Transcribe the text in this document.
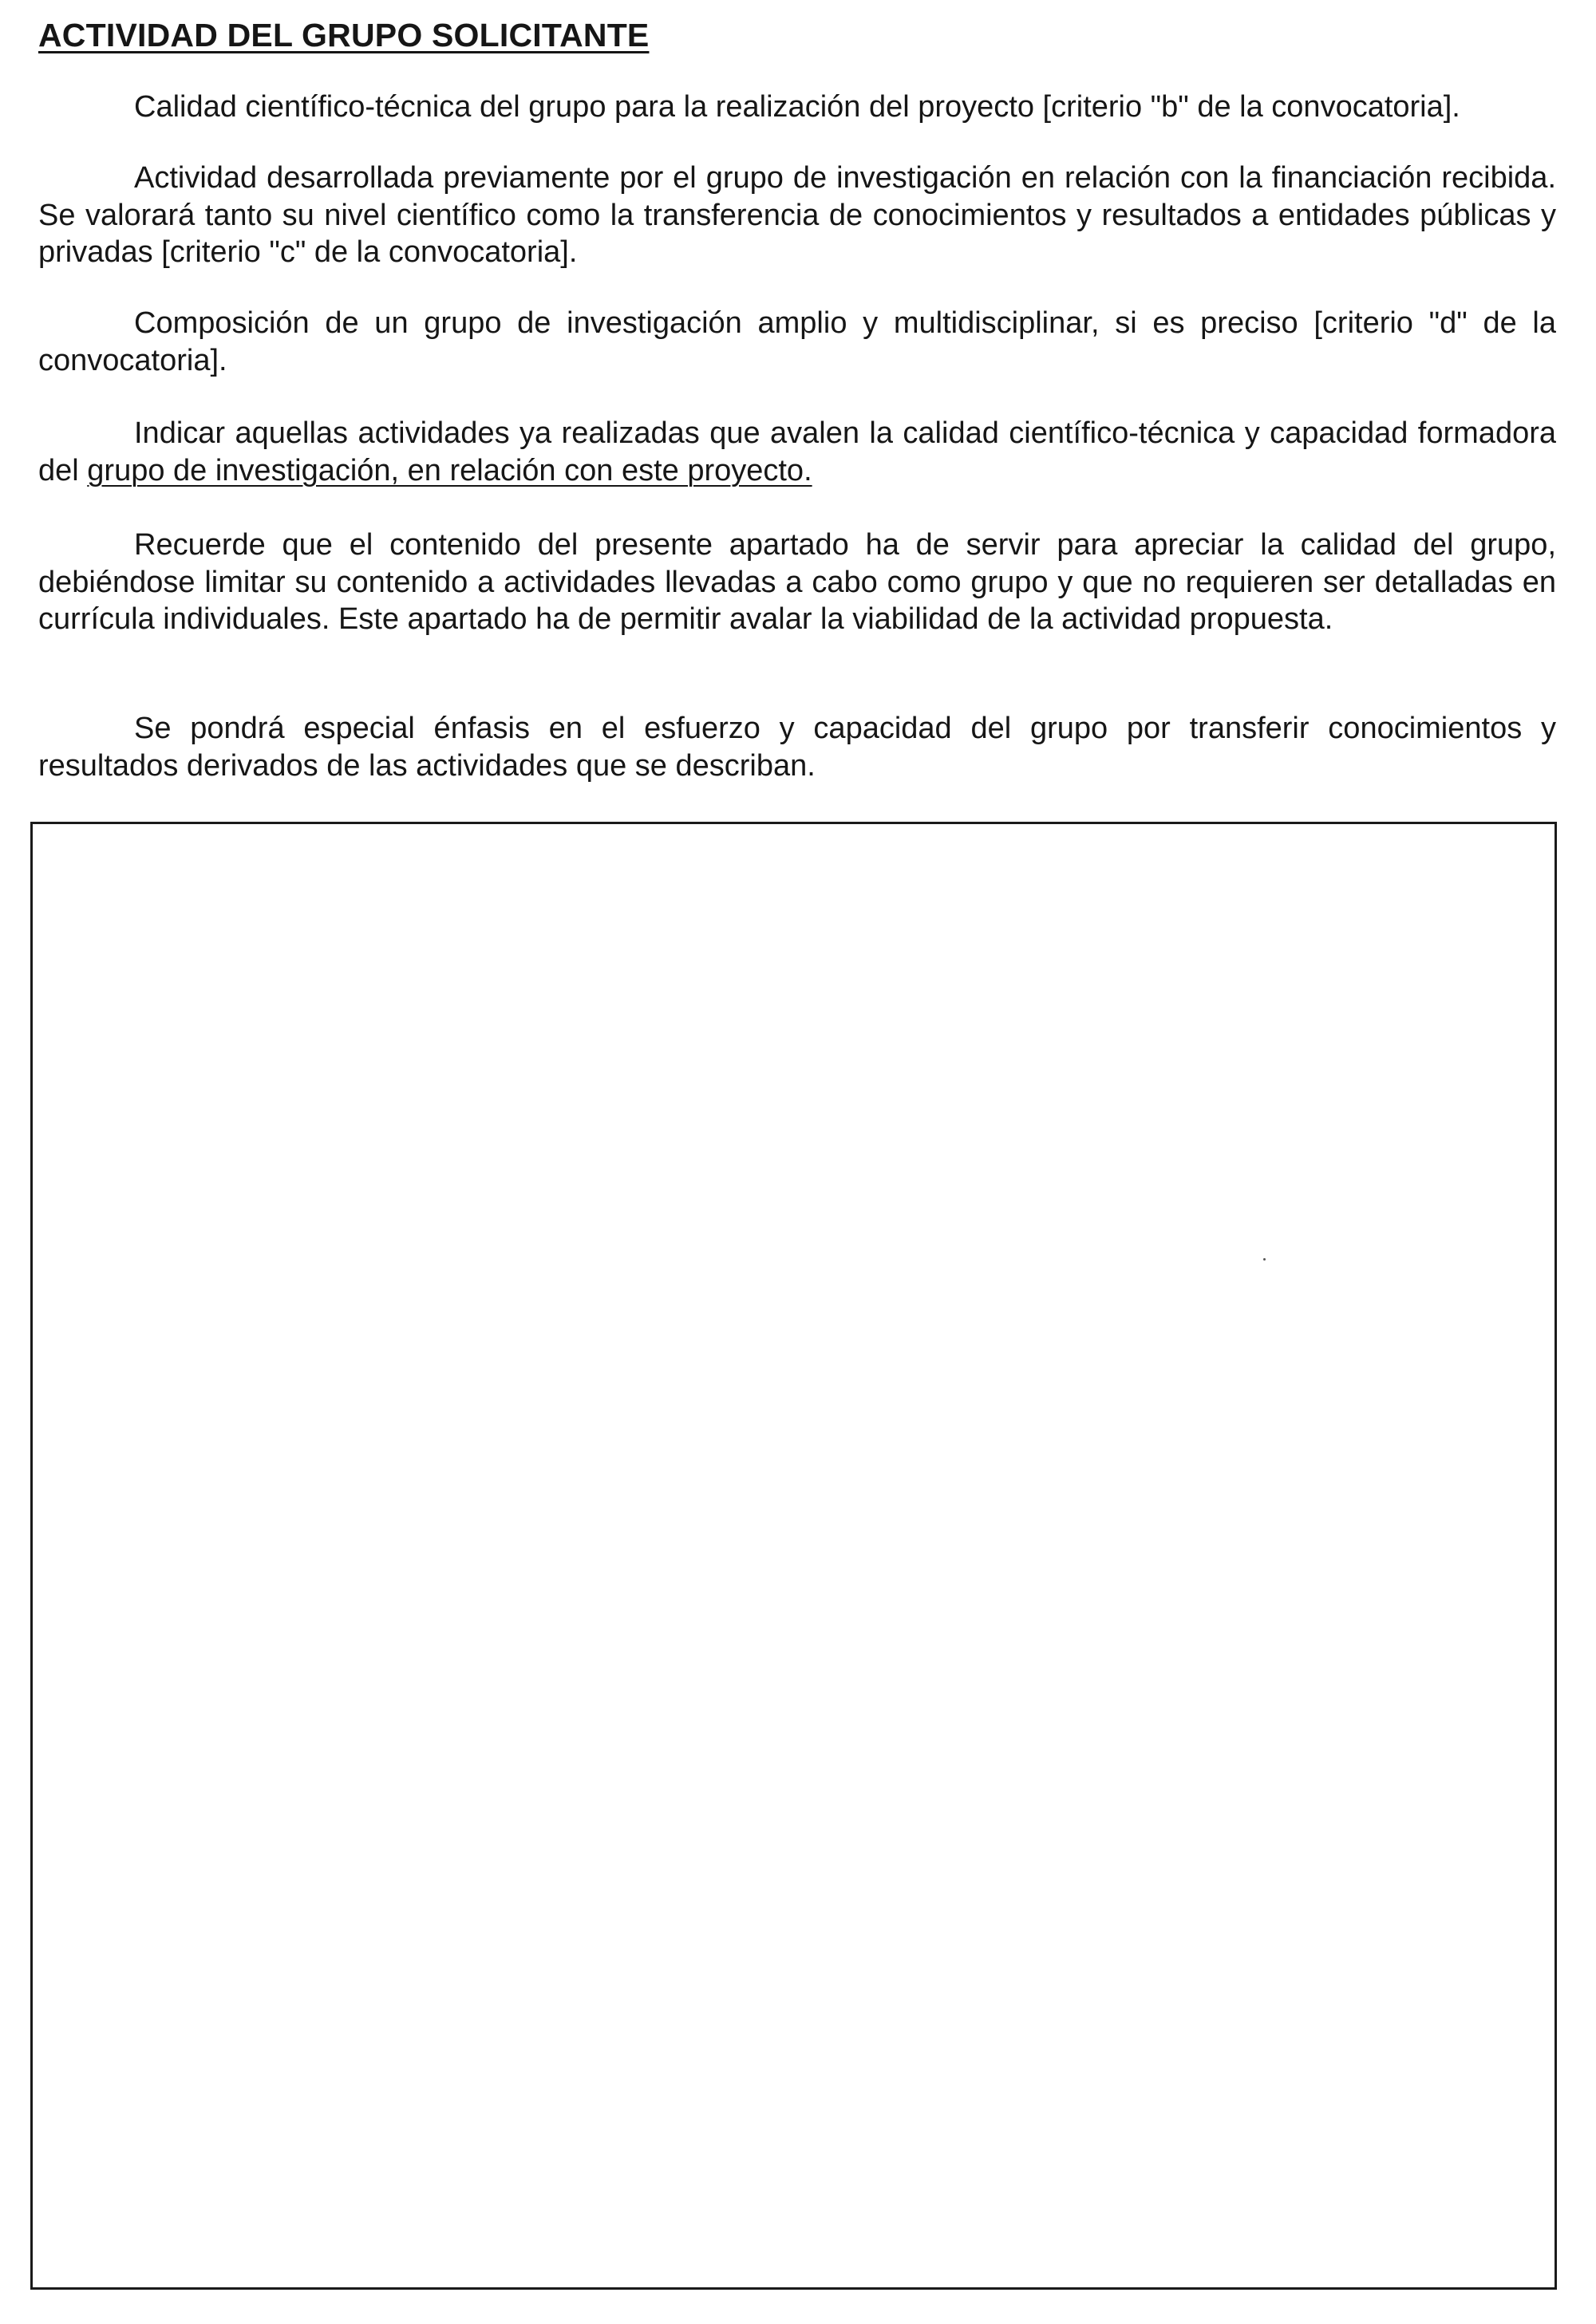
ACTIVIDAD DEL GRUPO SOLICITANTE

Calidad científico-técnica del grupo para la realización del proyecto [criterio "b" de la convocatoria].

Actividad desarrollada previamente por el grupo de investigación en relación con la financiación recibida. Se valorará tanto su nivel científico como la transferencia de conocimientos y resultados a entidades públicas y privadas [criterio "c" de la convocatoria].

Composición de un grupo de investigación amplio y multidisciplinar, si es preciso [criterio "d" de la convocatoria].

Indicar aquellas actividades ya realizadas que avalen la calidad científico-técnica y capacidad formadora del grupo de investigación, en relación con este proyecto.

Recuerde que el contenido del presente apartado ha de servir para apreciar la calidad del grupo, debiéndose limitar su contenido a actividades llevadas a cabo como grupo y que no requieren ser detalladas en currícula individuales. Este apartado ha de permitir avalar la viabilidad de la actividad propuesta.

Se pondrá especial énfasis en el esfuerzo y capacidad del grupo por transferir conocimientos y resultados derivados de las actividades que se describan.
